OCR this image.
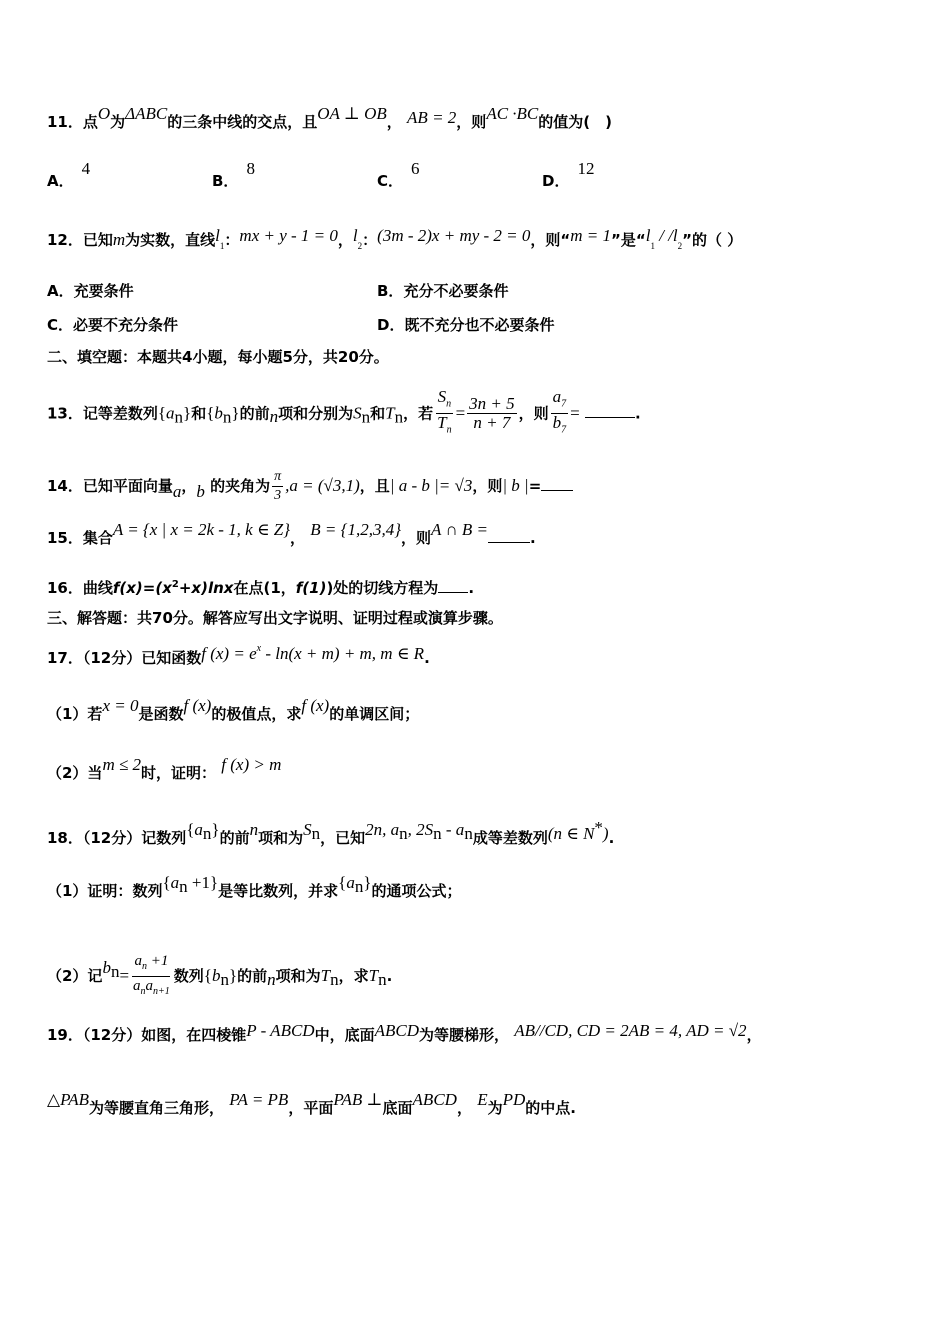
11．点O为ΔABC的三条中线的交点，且OA ⊥ OB， AB = 2，则AC ·BC的值为(　)
A．4
B．8
C．6
D．12
12．已知m为实数，直线$l_1$：mx + y - 1 = 0，$l_2$：(3m - 2)x + my - 2 = 0，则“m = 1”是“$l_1 / /l_2$”的（ ）
A．充要条件	B．充分不必要条件
C．必要不充分条件	D．既不充分也不必要条件
二、填空题：本题共4小题，每小题5分，共20分。
13．记等差数列$\{a_n\}$和$\{b_n\}$的前n项和分别为$S_n$和$T_n$，若 $\frac{S_n}{T_n} = \frac{3n + 5}{n + 7}$ ，则 $\frac{a_7}{b_7}$ =	.
14．已知平面向量a，b 的夹角为 $\frac{\pi}{3} ,a = (√3,1)$，且| a - b |= √3，则| b |=
15．集合A = {x | x = 2k - 1, k ∈ Z}， B = {1,2,3,4}，则A ∩ B =	.
16．曲线$f(x)=(x^2+x)\ln x$在点(1，f(1))处的切线方程为 .
三、解答题：共70分。解答应写出文字说明、证明过程或演算步骤。
17．（12分）已知函数f $(x) = e^x - \ln(x + m) + m$, m ∈ R.
（1）若x = 0是函数f (x)的极值点，求f (x)的单调区间；
（2）当m ≤ 2时，证明： f (x) > m
18．（12分）记数列$\{a_n\}$的前n项和为$S_n$，已知2n, $a_n$, $2S_n - a_n$成等差数列(n ∈ N*).
（1）证明：数列$\{a_n +1\}$是等比数列，并求$\{a_n\}$的通项公式；
（2）记$b_n= \frac{a_n +1}{a_na_{n+1}}$ 数列$\{b_n\}$的前n项和为$T_n$，求$T_n$.
19．（12分）如图，在四棱锥P - ABCD中，底面ABCD为等腰梯形， AB//CD, CD = 2AB = 4, AD = √2，
△PAB为等腰直角三角形， PA = PB，平面PAB ⊥底面ABCD， E为PD的中点.
